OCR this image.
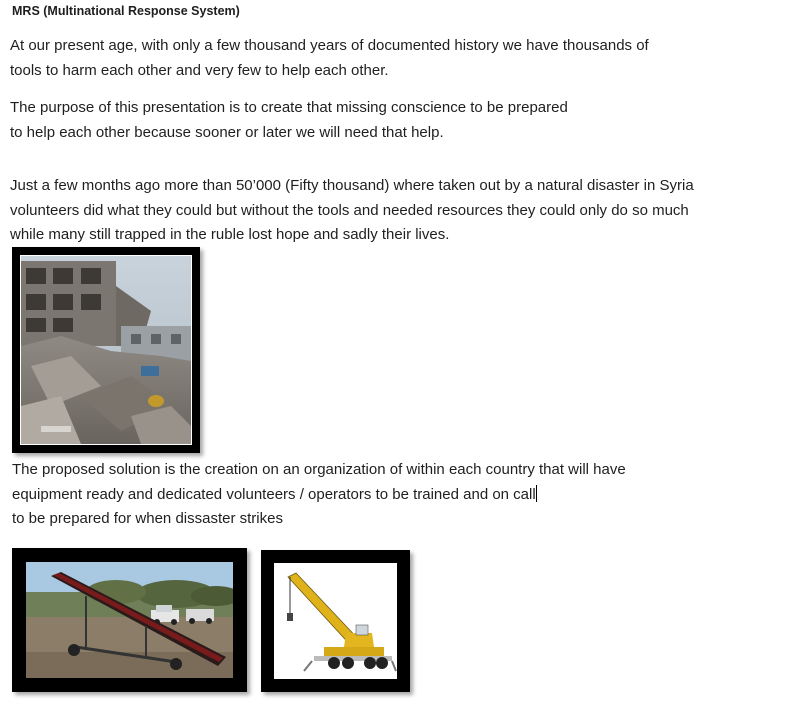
MRS (Multinational Response System)
At our present age, with only a few thousand years of documented history we have thousands of
tools to harm each other and very few to help each other.
The purpose of this presentation is to create that missing conscience to be prepared
to help each other because sooner or later we will need that help.
Just a few months ago more than 50’000 (Fifty thousand) where taken out by a natural disaster in Syria
volunteers did what they could but without the tools and needed resources they could only do so much
while many still trapped in the ruble lost hope and sadly their lives.
The proposed solution is the creation on an organization of within each country that will have
equipment ready and dedicated volunteers / operators to be trained and on call
to be prepared for when dissaster strikes
